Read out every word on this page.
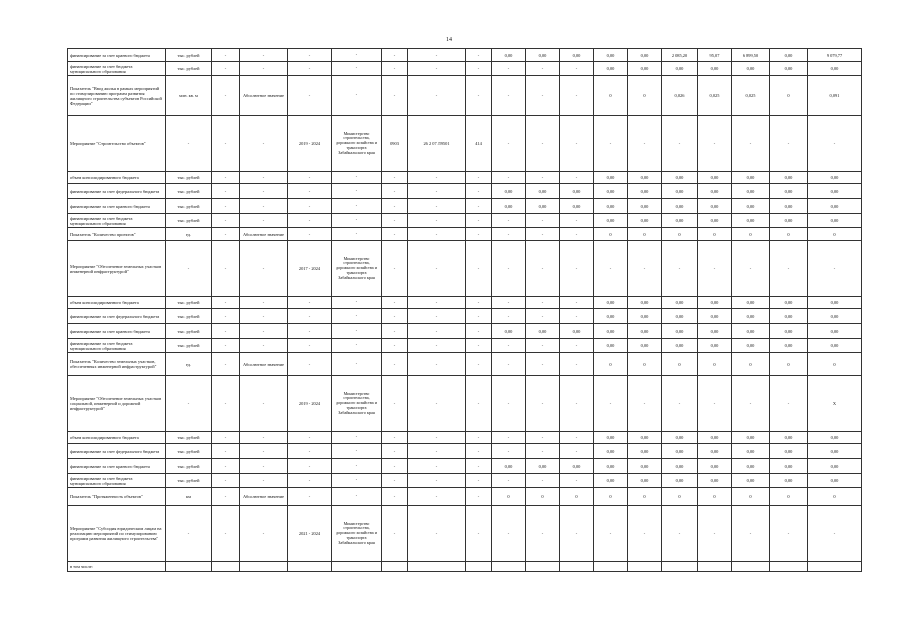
14
финансирование за счет краевого бюджета	тыс. рублей	-	-	-	-	-	-	-	0,00	0,00	0,00	0,00	0,00	2 085,20	95,07	6 899,50	0,00	9 079,77
финансирование за счет бюджета муниципального образования	тыс. рублей	-	-	-	-	-	-	-	-	-	-	0,00	0,00	0,00	0,00	0,00	0,00	0,00
Показатель "Ввод жилья в рамках мероприятий по стимулированию программ развития жилищного строительства субъектов Российской Федерации"	млн. кв. м	-	Абсолютное значение	-	-	-	-	-	-	-	-	0	0	0,026	0,025	0,025	0	0,091
Мероприятие "Строительство объектов"	-	-	-	2019 - 2024	Министерство строительства, дорожного хозяйства и транспорта Забайкальского края	0903	26 2 07 Л9501	414	-	-	-	-	-	-	-	-	-	-
объем консолидированного бюджета	тыс. рублей	-	-	-	-	-	-	-	-	-	-	0,00	0,00	0,00	0,00	0,00	0,00	0,00
финансирование за счет федерального бюджета	тыс. рублей	-	-	-	-	-	-	-	0,00	0,00	0,00	0,00	0,00	0,00	0,00	0,00	0,00	0,00
финансирование за счет краевого бюджета	тыс. рублей	-	-	-	-	-	-	-	0,00	0,00	0,00	0,00	0,00	0,00	0,00	0,00	0,00	0,00
финансирование за счет бюджета муниципального образования	тыс. рублей	-	-	-	-	-	-	-	-	-	-	0,00	0,00	0,00	0,00	0,00	0,00	0,00
Показатель "Количество проектов"	ед.	-	Абсолютное значение	-	-	-	-	-	-	-	-	0	0	0	0	0	0	0
Мероприятие "Обеспечение земельных участков инженерной инфраструктурой"	-	-	-	2017 - 2024	Министерство строительства, дорожного хозяйства и транспорта Забайкальского края	-	-	-	-	-	-	-	-	-	-	-	-	-
объем консолидированного бюджета	тыс. рублей	-	-	-	-	-	-	-	-	-	-	0,00	0,00	0,00	0,00	0,00	0,00	0,00
финансирование за счет федерального бюджета	тыс. рублей	-	-	-	-	-	-	-	-	-	-	0,00	0,00	0,00	0,00	0,00	0,00	0,00
финансирование за счет краевого бюджета	тыс. рублей	-	-	-	-	-	-	-	0,00	0,00	0,00	0,00	0,00	0,00	0,00	0,00	0,00	0,00
финансирование за счет бюджета муниципального образования	тыс. рублей	-	-	-	-	-	-	-	-	-	-	0,00	0,00	0,00	0,00	0,00	0,00	0,00
Показатель "Количество земельных участков, обеспеченных инженерной инфраструктурой"	ед.	-	Абсолютное значение	-	-	-	-	-	-	-	-	0	0	0	0	0	0	0
Мероприятие "Обеспечение земельных участков социальной, инженерной и дорожной инфраструктурой"	-	-	-	2019 - 2024	Министерство строительства, дорожного хозяйства и транспорта Забайкальского края	-	-	-	-	-	-	-	-	-	-	-	-	Х
объем консолидированного бюджета	тыс. рублей	-	-	-	-	-	-	-	-	-	-	0,00	0,00	0,00	0,00	0,00	0,00	0,00
финансирование за счет федерального бюджета	тыс. рублей	-	-	-	-	-	-	-	-	-	-	0,00	0,00	0,00	0,00	0,00	0,00	0,00
финансирование за счет краевого бюджета	тыс. рублей	-	-	-	-	-	-	-	0,00	0,00	0,00	0,00	0,00	0,00	0,00	0,00	0,00	0,00
финансирование за счет бюджета муниципального образования	тыс. рублей	-	-	-	-	-	-	-	-	-	-	0,00	0,00	0,00	0,00	0,00	0,00	0,00
Показатель "Протяженность объектов"	км	-	Абсолютное значение	-	-	-	-	-	0	0	0	0	0	0	0	0	0	0
Мероприятие "Субсидия юридическим лицам на реализацию мероприятий по стимулированию программ развития жилищного строительства"	-	-	-	2021 - 2024	Министерство строительства, дорожного хозяйства и транспорта Забайкальского края	-	-	-	-	-	-	-	-	-	-	-	-	-
в том числе:																		
